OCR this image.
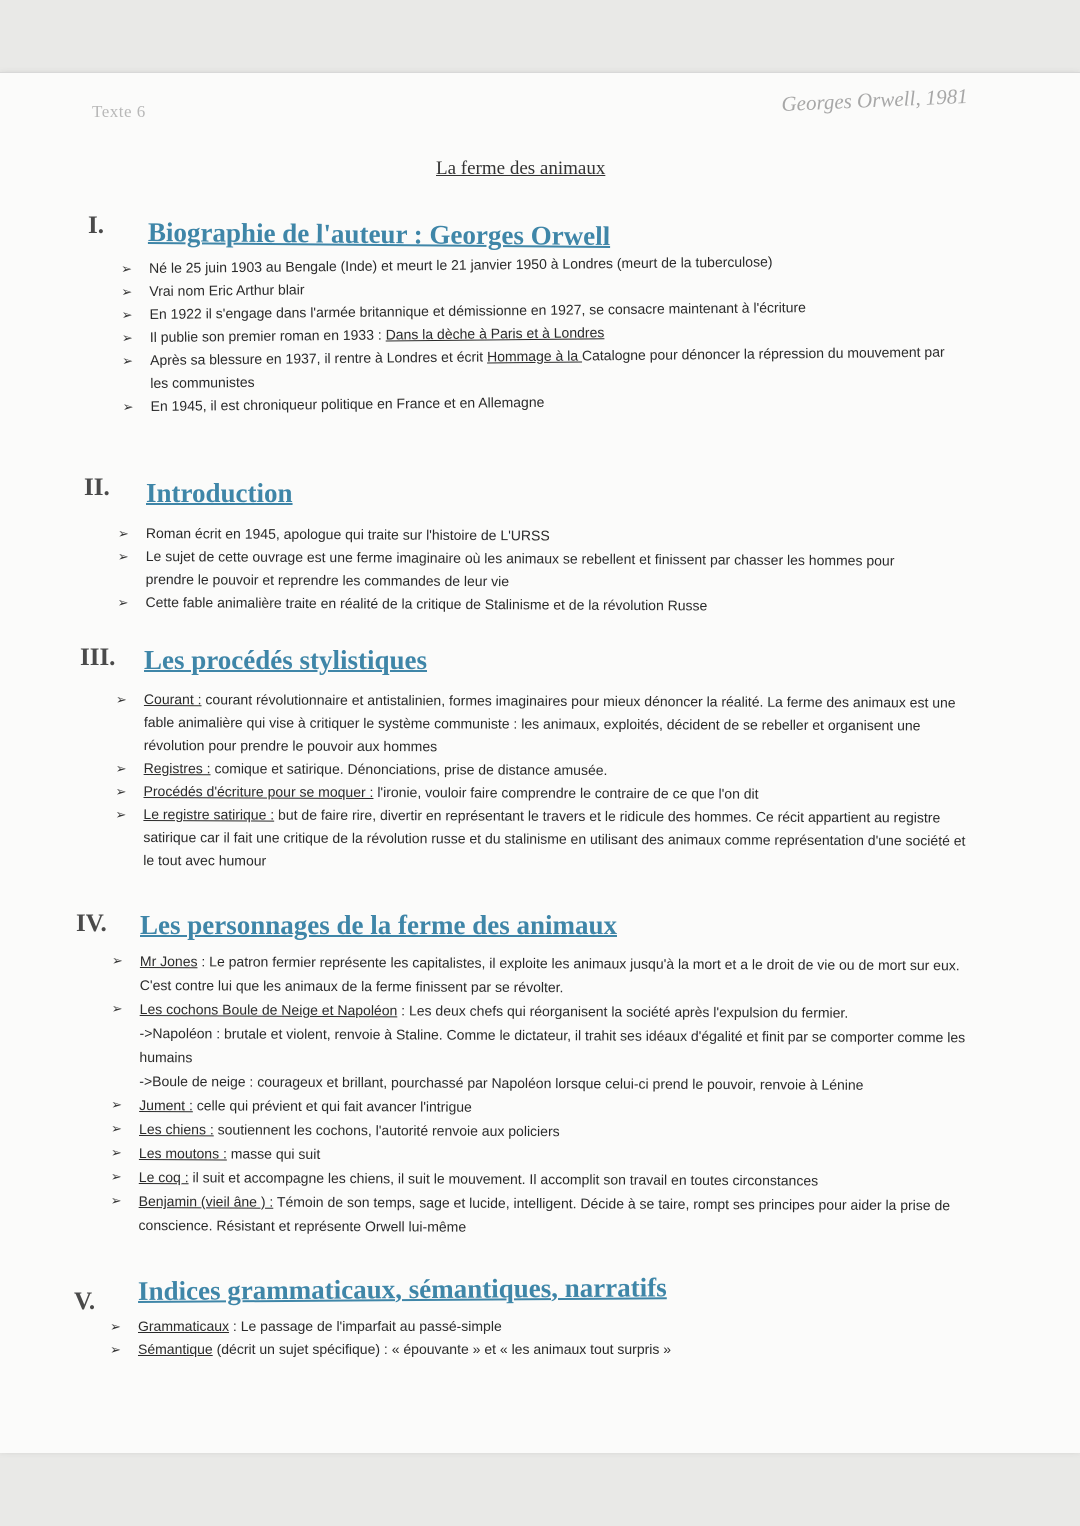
Texte 6	Georges Orwell, 1981
La ferme des animaux
I. Biographie de l'auteur : Georges Orwell
➢ Né le 25 juin 1903 au Bengale (Inde) et meurt le 21 janvier 1950 à Londres (meurt de la tuberculose)
➢ Vrai nom Eric Arthur blair
➢ En 1922 il s'engage dans l'armée britannique et démissionne en 1927, se consacre maintenant à l'écriture
➢ Il publie son premier roman en 1933 : Dans la dèche à Paris et à Londres
➢ Après sa blessure en 1937, il rentre à Londres et écrit Hommage à la Catalogne pour dénoncer la répression du mouvement par les communistes
➢ En 1945, il est chroniqueur politique en France et en Allemagne
II. Introduction
➢ Roman écrit en 1945, apologue qui traite sur l'histoire de L'URSS
➢ Le sujet de cette ouvrage est une ferme imaginaire où les animaux se rebellent et finissent par chasser les hommes pour prendre le pouvoir et reprendre les commandes de leur vie
➢ Cette fable animalière traite en réalité de la critique de Stalinisme et de la révolution Russe
III. Les procédés stylistiques
➢ Courant : courant révolutionnaire et antistalinien, formes imaginaires pour mieux dénoncer la réalité. La ferme des animaux est une fable animalière qui vise à critiquer le système communiste : les animaux, exploités, décident de se rebeller et organisent une révolution pour prendre le pouvoir aux hommes
➢ Registres : comique et satirique. Dénonciations, prise de distance amusée.
➢ Procédés d'écriture pour se moquer : l'ironie, vouloir faire comprendre le contraire de ce que l'on dit
➢ Le registre satirique : but de faire rire, divertir en représentant le travers et le ridicule des hommes. Ce récit appartient au registre satirique car il fait une critique de la révolution russe et du stalinisme en utilisant des animaux comme représentation d'une société et le tout avec humour
IV. Les personnages de la ferme des animaux
➢ Mr Jones : Le patron fermier représente les capitalistes, il exploite les animaux jusqu'à la mort et a le droit de vie ou de mort sur eux. C'est contre lui que les animaux de la ferme finissent par se révolter.
➢ Les cochons Boule de Neige et Napoléon : Les deux chefs qui réorganisent la société après l'expulsion du fermier.
->Napoléon : brutale et violent, renvoie à Staline. Comme le dictateur, il trahit ses idéaux d'égalité et finit par se comporter comme les humains
->Boule de neige : courageux et brillant, pourchassé par Napoléon lorsque celui-ci prend le pouvoir, renvoie à Lénine
➢ Jument : celle qui prévient et qui fait avancer l'intrigue
➢ Les chiens : soutiennent les cochons, l'autorité renvoie aux policiers
➢ Les moutons : masse qui suit
➢ Le coq : il suit et accompagne les chiens, il suit le mouvement. Il accomplit son travail en toutes circonstances
➢ Benjamin (vieil âne ) : Témoin de son temps, sage et lucide, intelligent. Décide à se taire, rompt ses principes pour aider la prise de conscience. Résistant et représente Orwell lui-même
V. Indices grammaticaux, sémantiques, narratifs
➢ Grammaticaux : Le passage de l'imparfait au passé-simple
➢ Sémantique (décrit un sujet spécifique) : « épouvante » et « les animaux tout surpris »
